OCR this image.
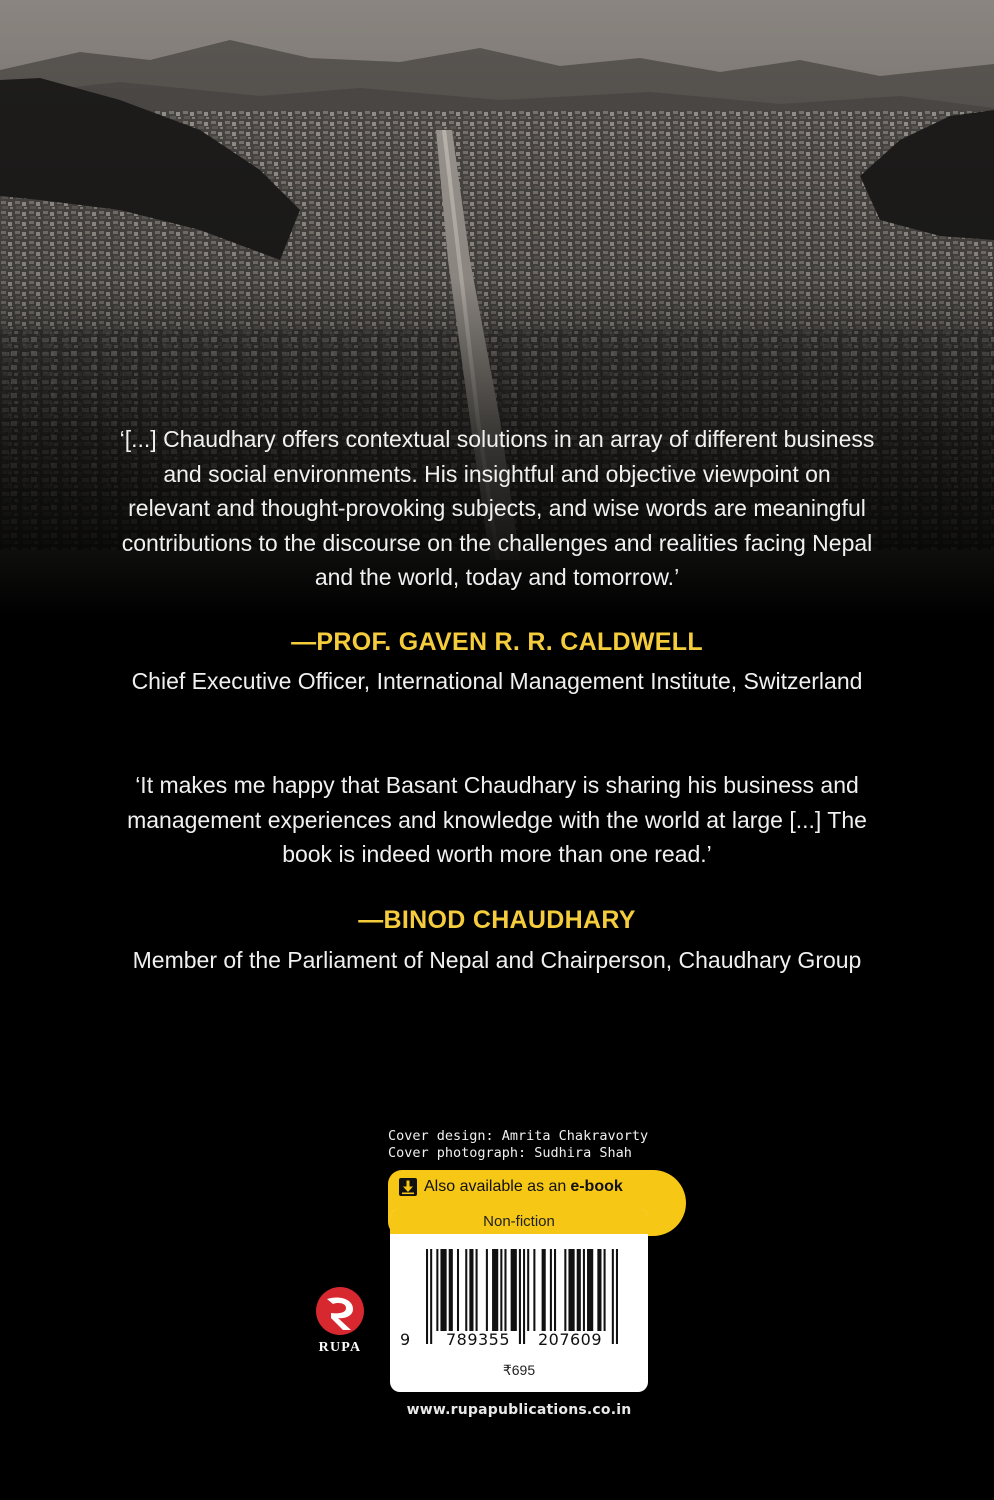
‘[...] Chaudhary offers contextual solutions in an array of different business
and social environments. His insightful and objective viewpoint on
relevant and thought-provoking subjects, and wise words are meaningful
contributions to the discourse on the challenges and realities facing Nepal
and the world, today and tomorrow.’
—PROF. GAVEN R. R. CALDWELL
Chief Executive Officer, International Management Institute, Switzerland
‘It makes me happy that Basant Chaudhary is sharing his business and
management experiences and knowledge with the world at large [...] The
book is indeed worth more than one read.’
—BINOD CHAUDHARY
Member of the Parliament of Nepal and Chairperson, Chaudhary Group
Cover design: Amrita Chakravorty
Cover photograph: Sudhira Shah
Also available as an e-book
Non-fiction
9	789355	207609
₹695
www.rupapublications.co.in
RUPA
